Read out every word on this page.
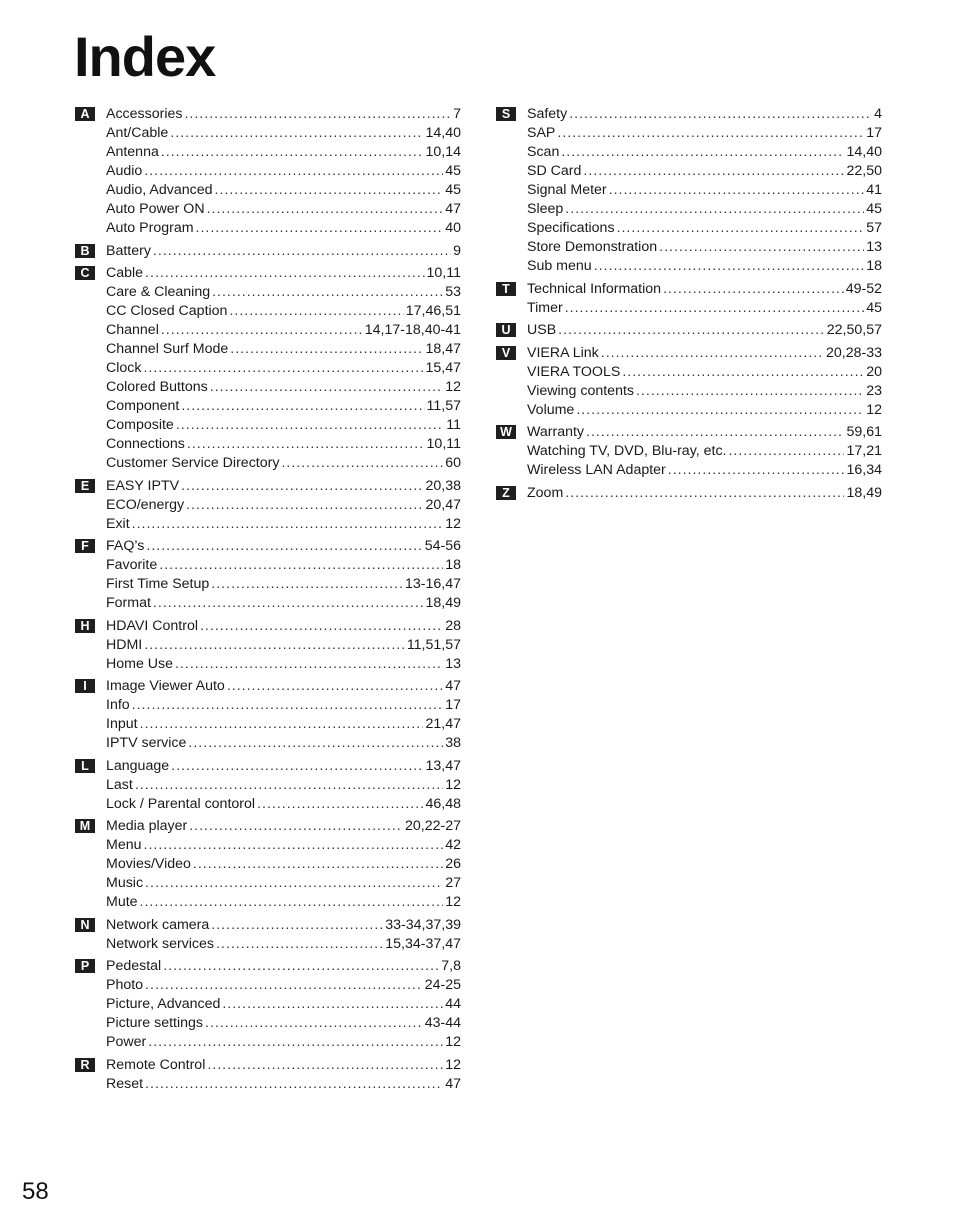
Index
A	Accessories .....	7
Ant/Cable .....	14,40
Antenna .....	10,14
Audio .....	45
Audio, Advanced .....	45
Auto Power ON .....	47
Auto Program .....	40
B	Battery .....	9
C	Cable .....	10,11
Care & Cleaning .....	53
CC Closed Caption .....	17,46,51
Channel .....	14,17-18,40-41
Channel Surf Mode .....	18,47
Clock .....	15,47
Colored Buttons .....	12
Component .....	11,57
Composite .....	11
Connections .....	10,11
Customer Service Directory .....	60
E	EASY IPTV .....	20,38
ECO/energy .....	20,47
Exit .....	12
F	FAQ’s .....	54-56
Favorite .....	18
First Time Setup .....	13-16,47
Format .....	18,49
H	HDAVI Control .....	28
HDMI .....	11,51,57
Home Use .....	13
I	Image Viewer Auto .....	47
Info .....	17
Input .....	21,47
IPTV service .....	38
L	Language .....	13,47
Last .....	12
Lock / Parental contorol .....	46,48
M	Media player .....	20,22-27
Menu .....	42
Movies/Video .....	26
Music .....	27
Mute .....	12
N	Network camera .....	33-34,37,39
Network services .....	15,34-37,47
P	Pedestal .....	7,8
Photo .....	24-25
Picture, Advanced .....	44
Picture settings .....	43-44
Power .....	12
R	Remote Control .....	12
Reset .....	47
S	Safety .....	4
SAP .....	17
Scan .....	14,40
SD Card .....	22,50
Signal Meter .....	41
Sleep .....	45
Specifications .....	57
Store Demonstration .....	13
Sub menu .....	18
T	Technical Information .....	49-52
Timer .....	45
U	USB .....	22,50,57
V	VIERA Link .....	20,28-33
VIERA TOOLS .....	20
Viewing contents .....	23
Volume .....	12
W Warranty .....	59,61
Watching TV, DVD, Blu-ray, etc. .....	17,21
Wireless LAN Adapter .....	16,34
Z	Zoom .....	18,49
58
